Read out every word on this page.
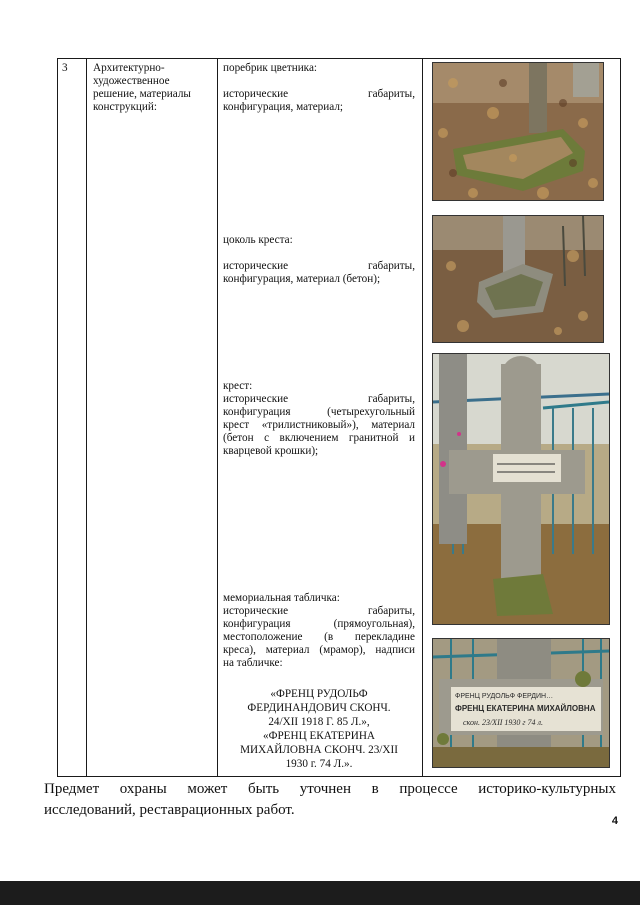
3 Архитектурно-художественное решение, материалы конструкций:

поребрик цветника:

исторические габариты,

конфигурация, материал;

цоколь креста:

исторические габариты,

конфигурация, материал (бетон);

крест:

исторические габариты,

конфигурация (четырехугольный

крест «трилистниковый»), материал

(бетон с включением гранитной и

кварцевой крошки);

мемориальная табличка:

исторические габариты,

конфигурация (прямоугольная),

местоположение (в перекладине

креса), материал (мрамор), надписи

на табличке:

«ФРЕНЦ РУДОЛЬФ
ФЕРДИНАНДОВИЧ СКОНЧ.
24/XII 1918 Г. 85 Л.»,
«ФРЕНЦ ЕКАТЕРИНА
МИХАЙЛОВНА СКОНЧ. 23/XII
1930 г. 74 Л.».
ФРЕНЦ РУДОЛЬФ ФЕРДИН…
ФРЕНЦ ЕКАТЕРИНА МИХАЙЛОВНА
скон. 23/XII 1930 г 74 л.
Предмет охраны может быть уточнен в процессе историко-культурных
исследований, реставрационных работ.
4
